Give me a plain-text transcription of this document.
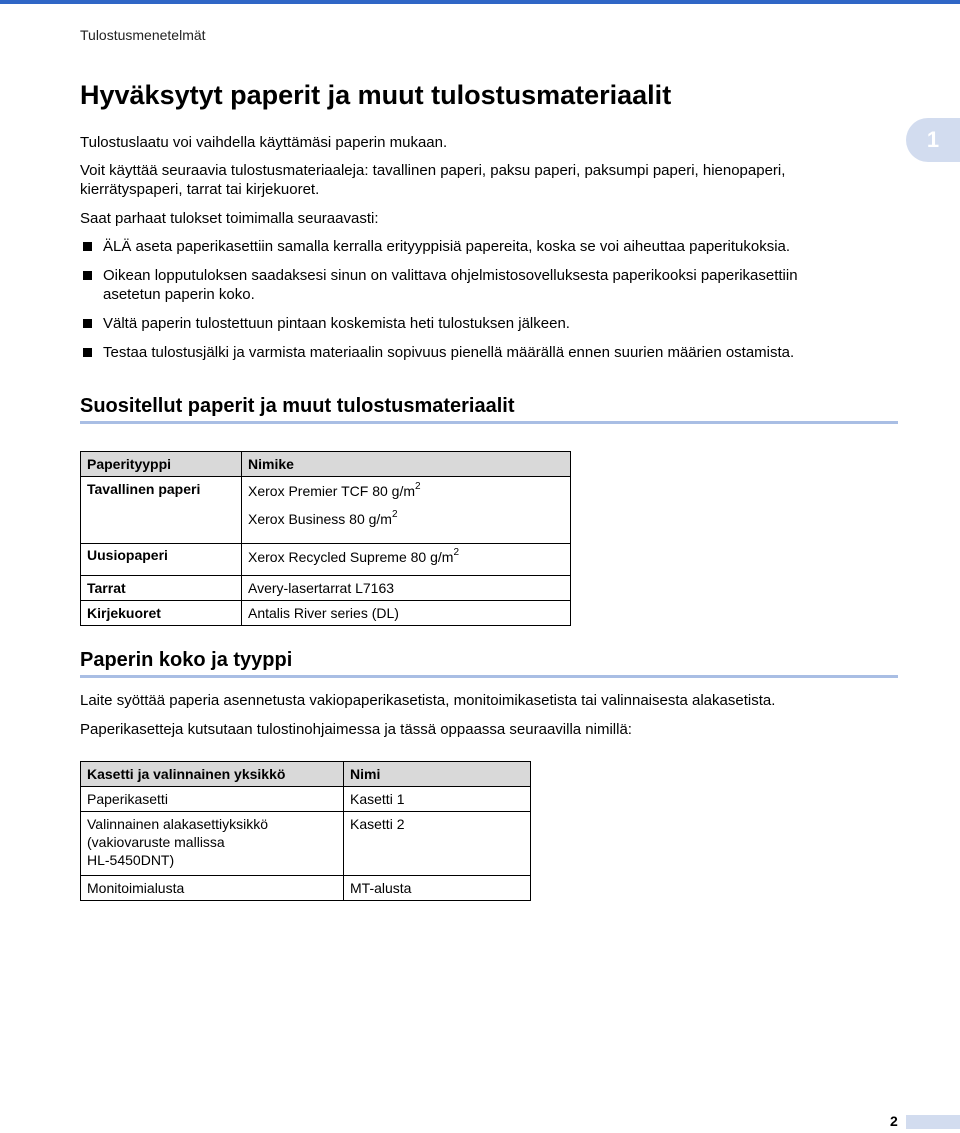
Tulostusmenetelmät
1
Hyväksytyt paperit ja muut tulostusmateriaalit

Tulostuslaatu voi vaihdella käyttämäsi paperin mukaan.

Voit käyttää seuraavia tulostusmateriaaleja: tavallinen paperi, paksu paperi, paksumpi paperi, hienopaperi,
kierrätyspaperi, tarrat tai kirjekuoret.

Saat parhaat tulokset toimimalla seuraavasti:

ÄLÄ aseta paperikasettiin samalla kerralla erityyppisiä papereita, koska se voi aiheuttaa paperitukoksia.
Oikean lopputuloksen saadaksesi sinun on valittava ohjelmistosovelluksesta paperikooksi paperikasettiin
asetetun paperin koko.
Vältä paperin tulostettuun pintaan koskemista heti tulostuksen jälkeen.
Testaa tulostusjälki ja varmista materiaalin sopivuus pienellä määrällä ennen suurien määrien ostamista.
Suositellut paperit ja muut tulostusmateriaalit
Paperityyppi	Nimike
Tavallinen paperi	Xerox Premier TCF 80 $g/m^2$
Xerox Business 80 $g/m^2$

Uusiopaperi	Xerox Recycled Supreme 80 $g/m^2$
Tarrat	Avery-lasertarrat L7163
Kirjekuoret	Antalis River series (DL)
Paperin koko ja tyyppi

Laite syöttää paperia asennetusta vakiopaperikasetista, monitoimikasetista tai valinnaisesta alakasetista.

Paperikasetteja kutsutaan tulostinohjaimessa ja tässä oppaassa seuraavilla nimillä:

Kasetti ja valinnainen yksikkö	Nimi
Paperikasetti	Kasetti 1

Valinnainen alakasettiyksikkö
(vakiovaruste mallissa
HL-5450DNT)	Kasetti 2
Monitoimialusta	MT-alusta
2
